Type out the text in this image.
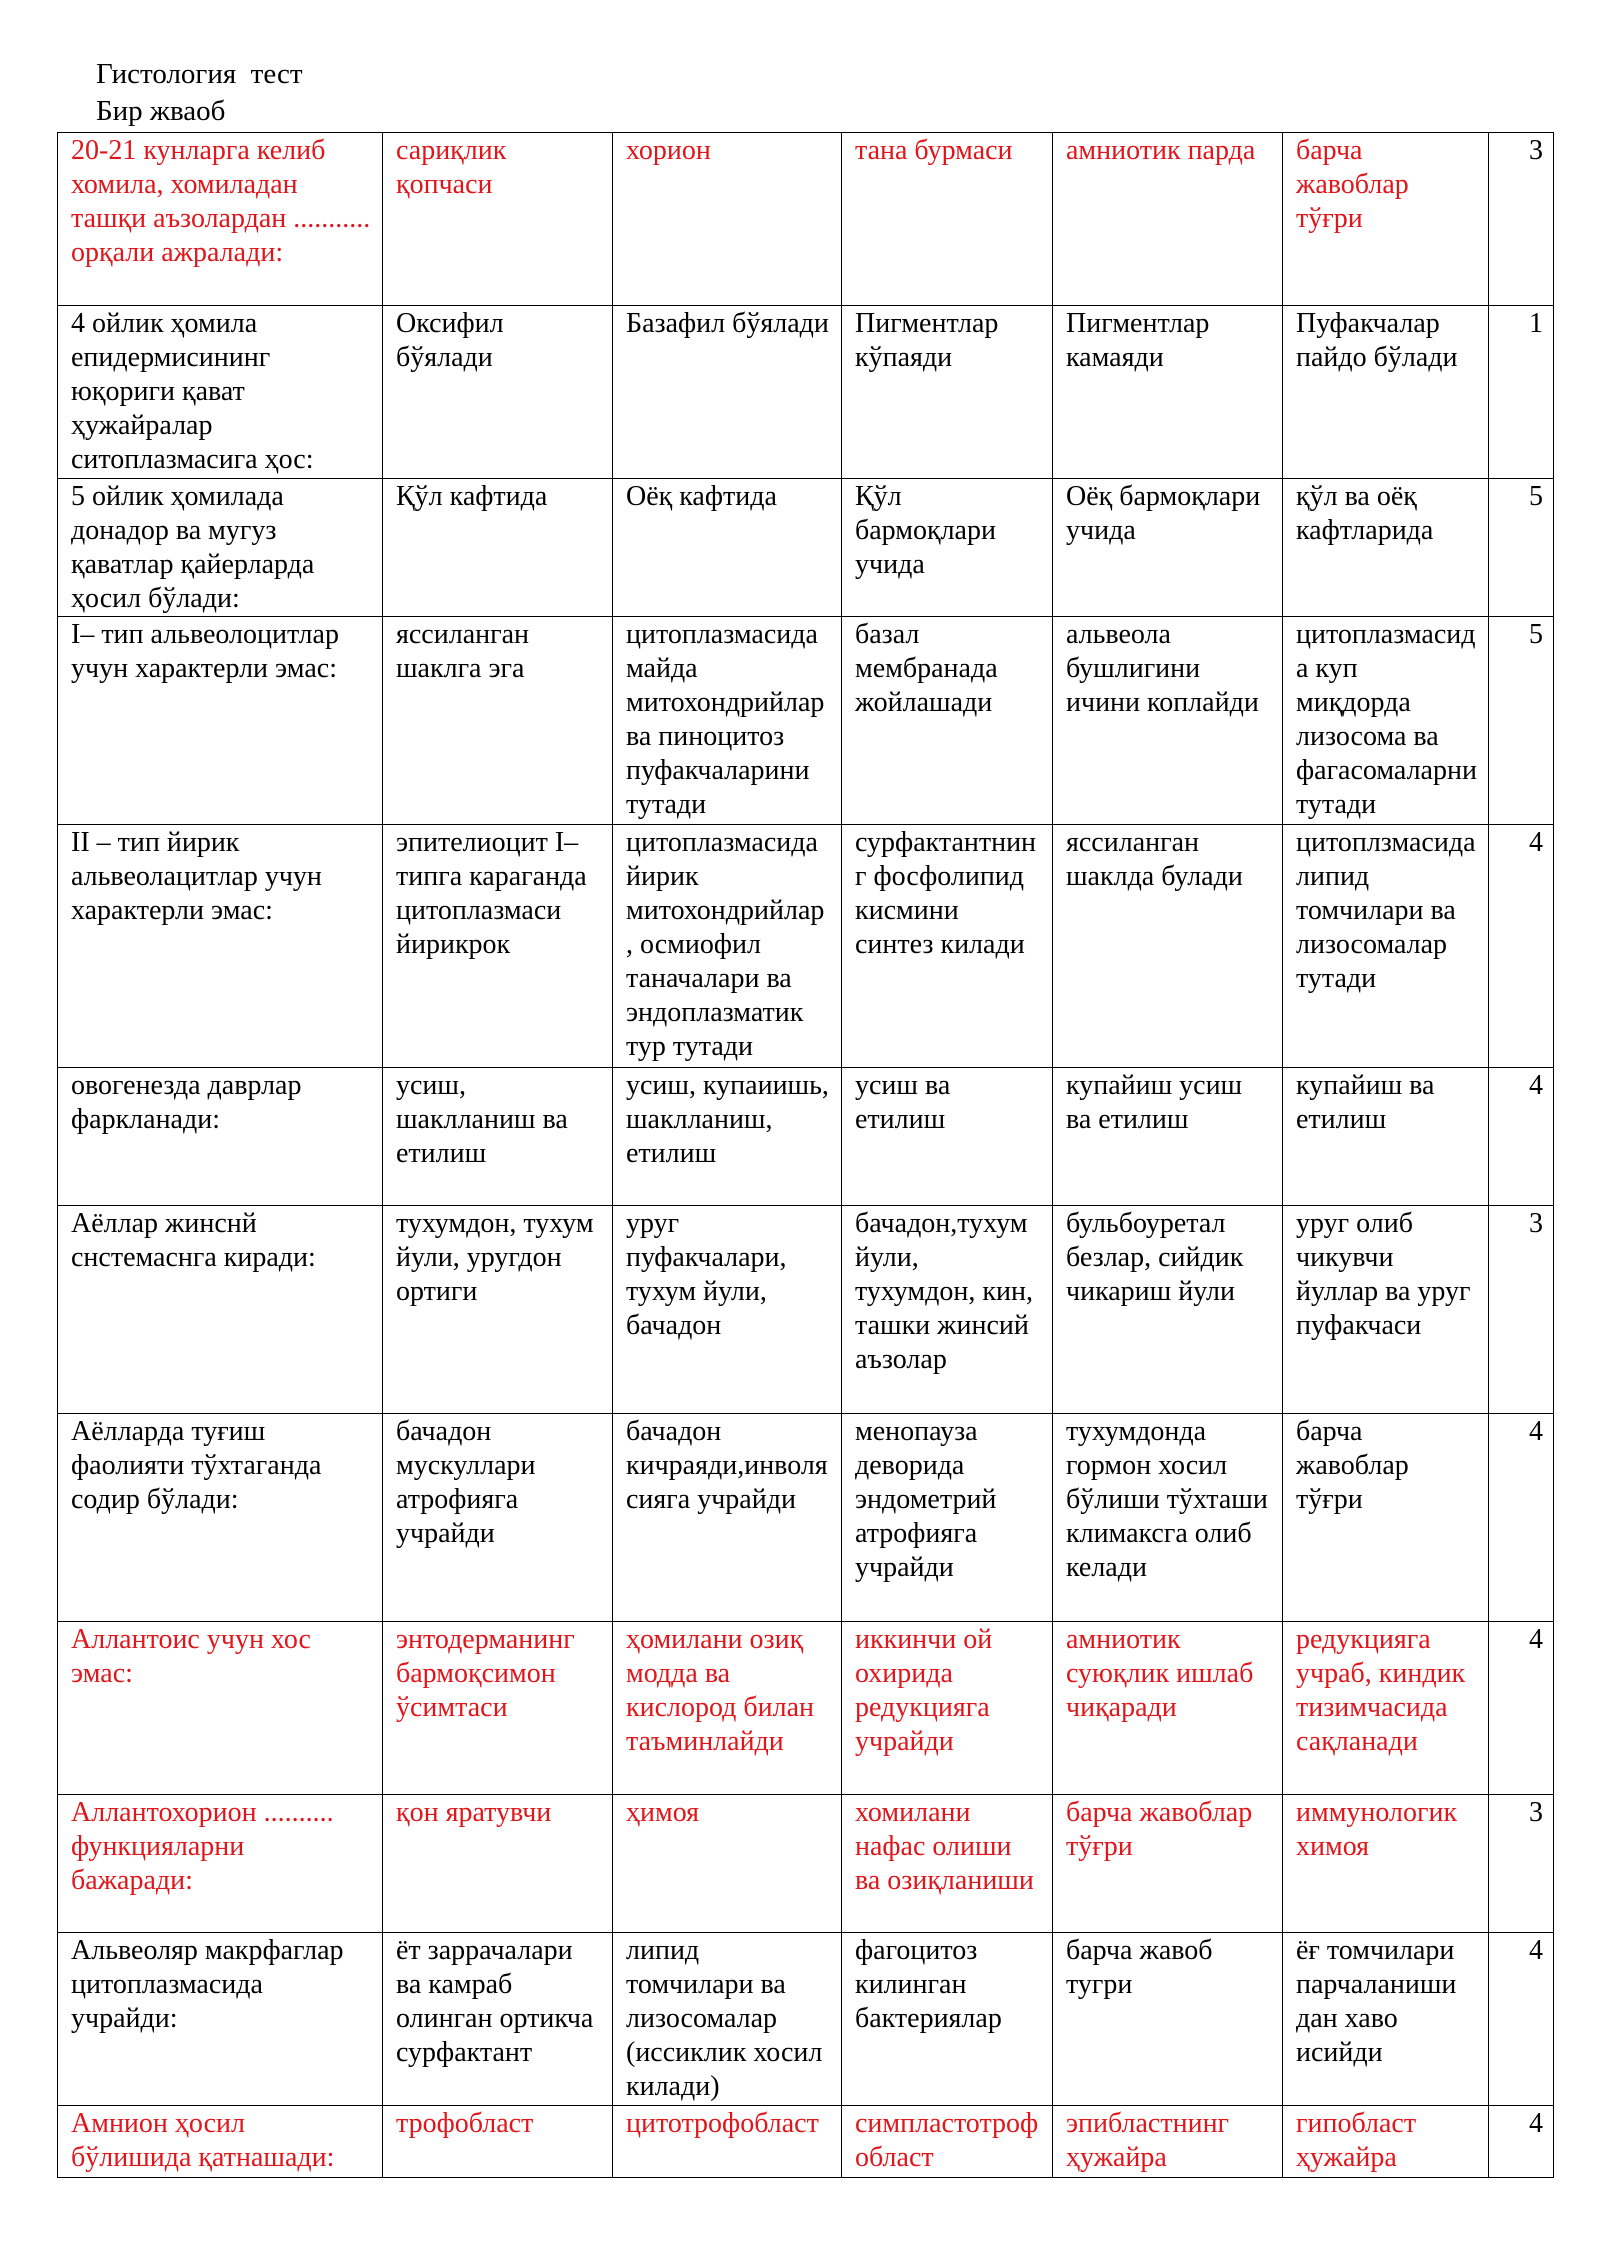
Гистология  тест
Бир жваоб
20-21 кунларга келиб хомила, хомиладан ташқи аъзолардан ........... орқали ажралади:	сариқлик қопчаси	хорион	тана бурмаси	амниотик парда	барча жавоблар тўғри	3
4 ойлик ҳомила епидермисининг юқориги қават ҳужайралар ситоплазмасига ҳос:	Оксифил бўялади	Базафил бўялади	Пигментлар кўпаяди	Пигментлар камаяди	Пуфакчалар пайдо бўлади	1
5 ойлик ҳомилада донадор ва мугуз қаватлар қайерларда ҳосил бўлади:	Қўл кафтида	Оёқ кафтида	Қўл бармоқлари учида	Оёқ бармоқлари учида	қўл ва оёқ кафтларида	5
I– тип альвеолоцитлар учун характерли эмас:	яссиланган шаклга эга	цитоплазмасида майда митохондрийлар ва пиноцитоз пуфакчаларини тутади	базал мембранада жойлашади	альвеола бушлигини ичини коплайди	цитоплазмасида куп миқдорда лизосома ва фагасомаларни тутади	5
II – тип йирик альвеолацитлар учун характерли эмас:	эпителиоцит I– типга караганда цитоплазмаси йирикрок	цитоплазмасида йирик митохондрийлар, осмиофил таначалари ва эндоплазматик тур тутади	сурфактантнинг фосфолипид кисмини синтез килади	яссиланган шаклда булади	цитоплзмасида липид томчилари ва лизосомалар тутади	4
овогенезда даврлар фаркланади:	усиш, шаклланиш ва етилиш	усиш, купаиишь, шаклланиш, етилиш	усиш ва етилиш	купайиш усиш ва етилиш	купайиш ва етилиш	4
Аёллар жинснй снстемаснга киради:	тухумдон, тухум йули, уругдон ортиги	уруг пуфакчалари, тухум йули, бачадон	бачадон,тухум йули, тухумдон, кин, ташки жинсий аъзолар	бульбоуретал безлар, сийдик чикариш йули	уруг олиб чикувчи йуллар ва уруг пуфакчаси	3
Аёлларда туғиш фаолияти тўхтаганда содир бўлади:	бачадон мускуллари атрофияга учрайди	бачадон кичраяди,инволясияга учрайди	менопауза деворида эндометрий атрофияга учрайди	тухумдонда гормон хосил бўлиши тўхташи климаксга олиб келади	барча жавоблар тўғри	4
Аллантоис учун хос эмас:	энтодерманинг бармоқсимон ўсимтаси	ҳомилани озиқ модда ва кислород билан таъминлайди	иккинчи ой охирида редукцияга учрайди	амниотик суюқлик ишлаб чиқаради	редукцияга учраб, киндик тизимчасида сақланади	4
Аллантохорион .......... функцияларни бажаради:	қон яратувчи	ҳимоя	хомилани нафас олиши ва озиқланиши	барча жавоблар тўғри	иммунологик химоя	3
Альвеоляр макрфаглар цитоплазмасида учрайди:	ёт заррачалари ва камраб олинган ортикча сурфактант	липид томчилари ва лизосомалар (иссиклик хосил килади)	фагоцитоз килинган бактериялар	барча жавоб тугри	ёғ томчилари парчаланиши дан хаво исийди	4
Амнион ҳосил бўлишида қатнашади:	трофобласт	цитотрофобласт	симпластотрофобласт	эпибластнинг ҳужайра	гипобласт ҳужайра	4
